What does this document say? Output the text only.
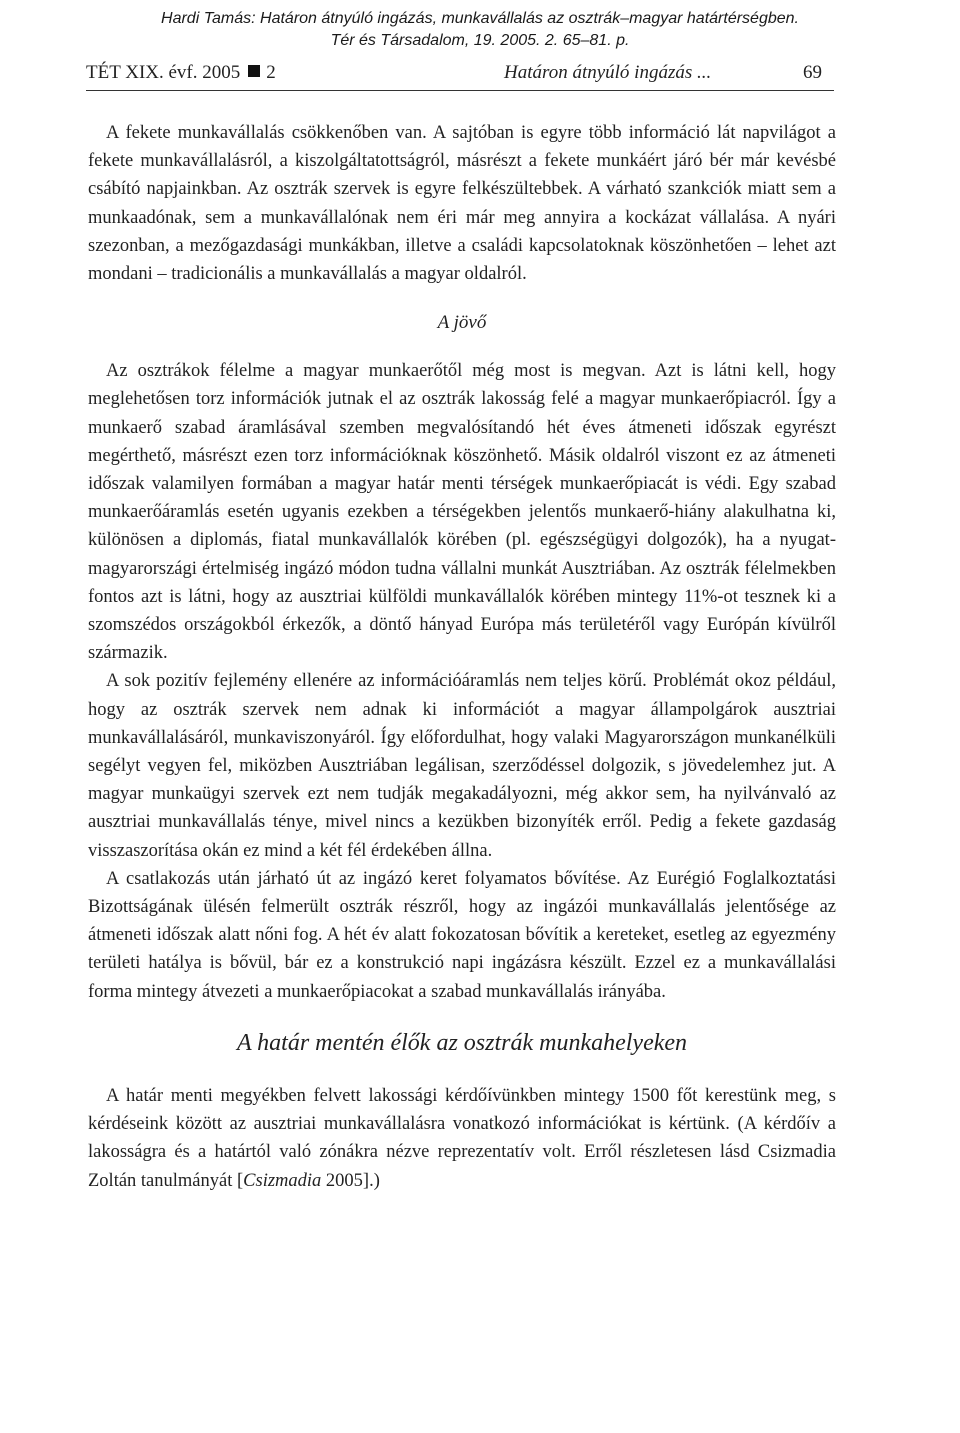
Hardi Tamás: Határon átnyúló ingázás, munkavállalás az osztrák–magyar határtérségben.
Tér és Társadalom, 19. 2005. 2. 65–81. p.
TÉT XIX. évf. 2005 2	Határon átnyúló ingázás ...	69

A fekete munkavállalás csökkenőben van. A sajtóban is egyre több információ lát napvilágot a fekete munkavállalásról, a kiszolgáltatottságról, másrészt a fekete munkáért járó bér már kevésbé csábító napjainkban. Az osztrák szervek is egyre felkészültebbek. A várható szankciók miatt sem a munkaadónak, sem a munkavállalónak nem éri már meg annyira a kockázat vállalása. A nyári szezonban, a mezőgazdasági munkákban, illetve a családi kapcsolatoknak köszönhetően – lehet azt mondani – tradicionális a munkavállalás a magyar oldalról.

A jövő

Az osztrákok félelme a magyar munkaerőtől még most is megvan. Azt is látni kell, hogy meglehetősen torz információk jutnak el az osztrák lakosság felé a magyar munkaerőpiacról. Így a munkaerő szabad áramlásával szemben megvalósítandó hét éves átmeneti időszak egyrészt megérthető, másrészt ezen torz információknak köszönhető. Másik oldalról viszont ez az átmeneti időszak valamilyen formában a magyar határ menti térségek munkaerőpiacát is védi. Egy szabad munkaerőáramlás esetén ugyanis ezekben a térségekben jelentős munkaerő-hiány alakulhatna ki, különösen a diplomás, fiatal munkavállalók körében (pl. egészségügyi dolgozók), ha a nyugat-magyarországi értelmiség ingázó módon tudna vállalni munkát Ausztriában. Az osztrák félelmekben fontos azt is látni, hogy az ausztriai külföldi munkavállalók körében mintegy 11%-ot tesznek ki a szomszédos országokból érkezők, a döntő hányad Európa más területéről vagy Európán kívülről származik.

A sok pozitív fejlemény ellenére az információáramlás nem teljes körű. Problémát okoz például, hogy az osztrák szervek nem adnak ki információt a magyar állampolgárok ausztriai munkavállalásáról, munkaviszonyáról. Így előfordulhat, hogy valaki Magyarországon munkanélküli segélyt vegyen fel, miközben Ausztriában legálisan, szerződéssel dolgozik, s jövedelemhez jut. A magyar munkaügyi szervek ezt nem tudják megakadályozni, még akkor sem, ha nyilvánvaló az ausztriai munkavállalás ténye, mivel nincs a kezükben bizonyíték erről. Pedig a fekete gazdaság visszaszorítása okán ez mind a két fél érdekében állna.

A csatlakozás után járható út az ingázó keret folyamatos bővítése. Az Eurégió Foglalkoztatási Bizottságának ülésén felmerült osztrák részről, hogy az ingázói munkavállalás jelentősége az átmeneti időszak alatt nőni fog. A hét év alatt fokozatosan bővítik a kereteket, esetleg az egyezmény területi hatálya is bővül, bár ez a konstrukció napi ingázásra készült. Ezzel ez a munkavállalási forma mintegy átvezeti a munkaerőpiacokat a szabad munkavállalás irányába.

A határ mentén élők az osztrák munkahelyeken

A határ menti megyékben felvett lakossági kérdőívünkben mintegy 1500 főt kerestünk meg, s kérdéseink között az ausztriai munkavállalásra vonatkozó információkat is kértünk. (A kérdőív a lakosságra és a határtól való zónákra nézve reprezentatív volt. Erről részletesen lásd Csizmadia Zoltán tanulmányát [Csizmadia 2005].)
